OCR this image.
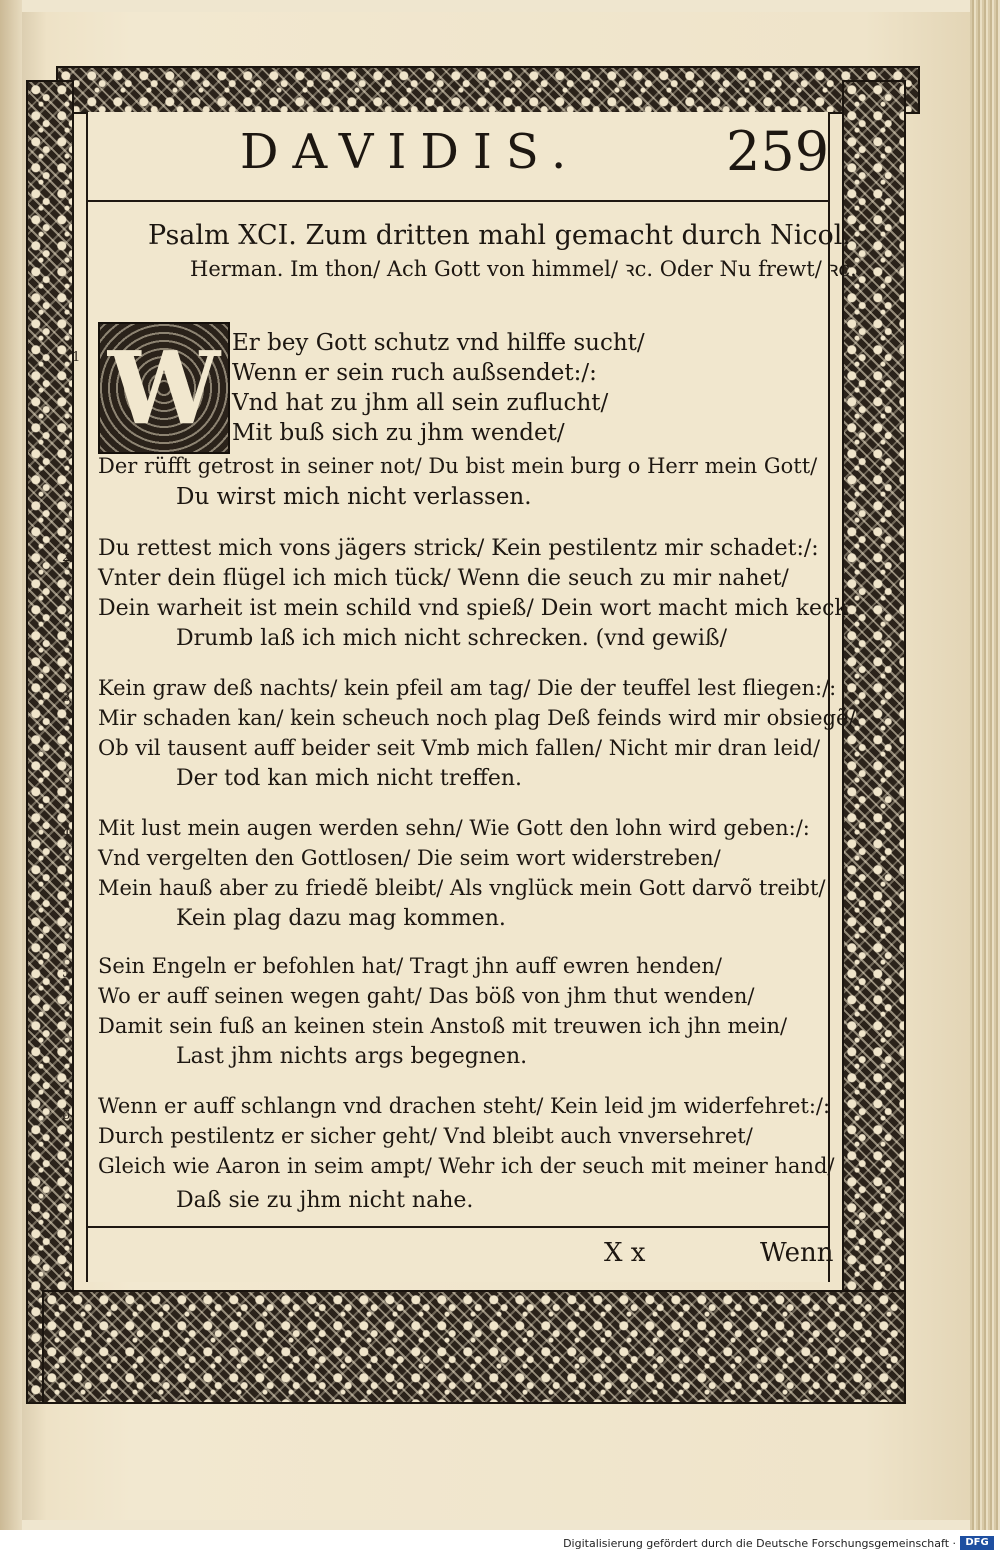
DAVIDIS.	259
Psalm XCI. Zum dritten mahl gemacht durch Nicol.
Herman. Im thon/ Ach Gott von himmel/ ꝛc. Oder Nu frewt/ ꝛc.
W
1
Er bey Gott schutz vnd hilffe sucht/
Wenn er sein ruch außsendet:/:
Vnd hat zu jhm all sein zuflucht/
Mit buß sich zu jhm wendet/
Der rüfft getrost in seiner not/ Du bist mein burg o Herr mein Gott/
Du wirst mich nicht verlassen.
2 Du rettest mich vons jägers strick/ Kein pestilentz mir schadet:/:
Vnter dein flügel ich mich tück/ Wenn die seuch zu mir nahet/
Dein warheit ist mein schild vnd spieß/ Dein wort macht mich keck
Drumb laß ich mich nicht schrecken. (vnd gewiß/
3 Kein graw deß nachts/ kein pfeil am tag/ Die der teuffel lest fliegen:/:
Mir schaden kan/ kein scheuch noch plag Deß feinds wird mir obsiegẽ/
Ob vil tausent auff beider seit Vmb mich fallen/ Nicht mir dran leid/
Der tod kan mich nicht treffen.
4 Mit lust mein augen werden sehn/ Wie Gott den lohn wird geben:/:
Vnd vergelten den Gottlosen/ Die seim wort widerstreben/
Mein hauß aber zu friedẽ bleibt/ Als vnglück mein Gott darvõ treibt/
Kein plag dazu mag kommen.
5 Sein Engeln er befohlen hat/ Tragt jhn auff ewren henden/
Wo er auff seinen wegen gaht/ Das böß von jhm thut wenden/
Damit sein fuß an keinen stein Anstoß mit treuwen ich jhn mein/
Last jhm nichts args begegnen.
6 Wenn er auff schlangn vnd drachen steht/ Kein leid jm widerfehret:/:
Durch pestilentz er sicher geht/ Vnd bleibt auch vnversehret/
Gleich wie Aaron in seim ampt/ Wehr ich der seuch mit meiner hand/
Daß sie zu jhm nicht nahe.
X x	Wenn
Digitalisierung gefördert durch die Deutsche Forschungsgemeinschaft · DFG
